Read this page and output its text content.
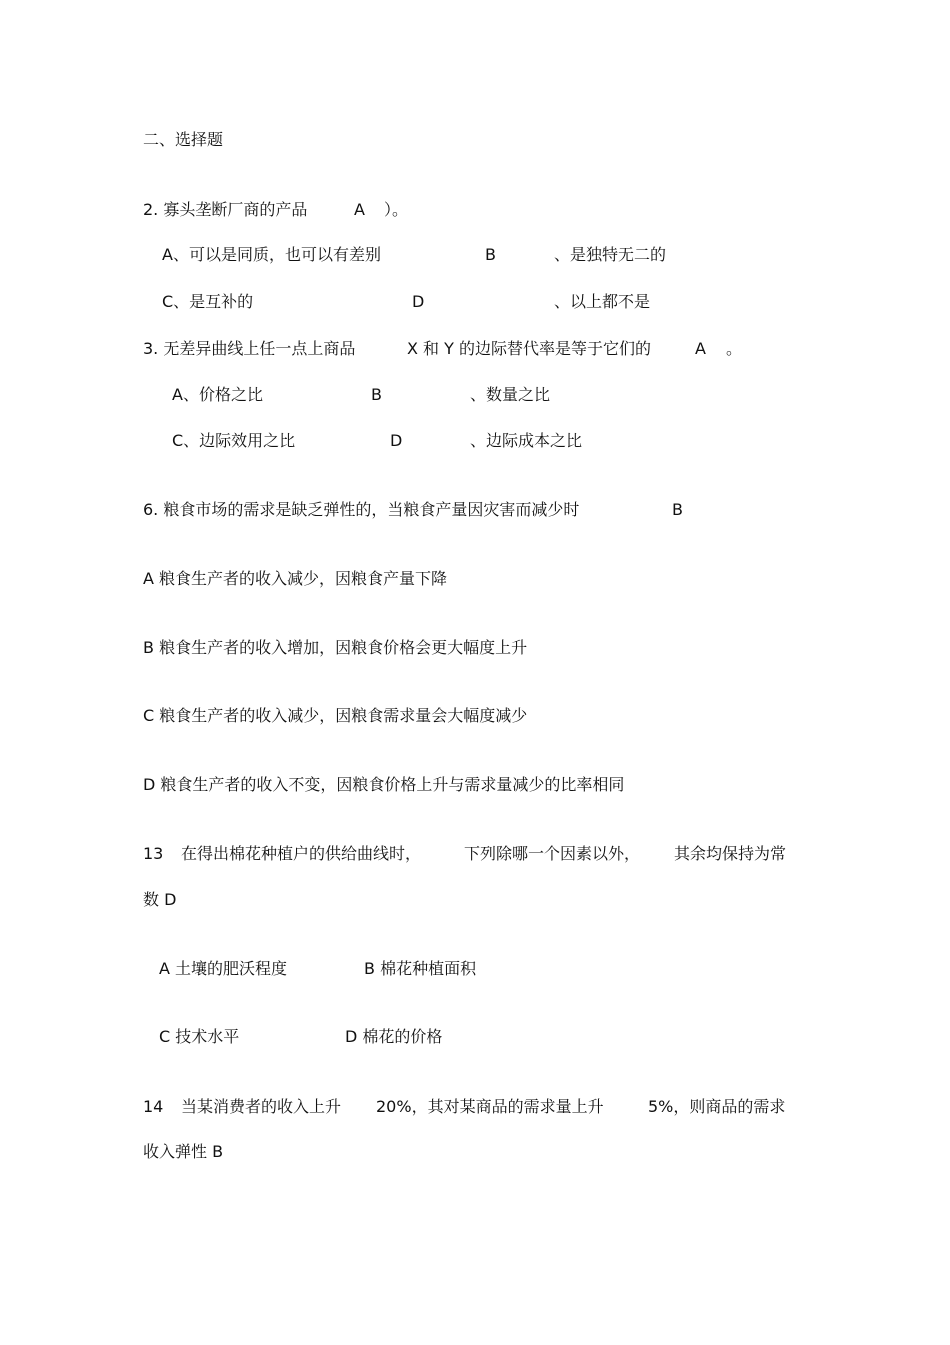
二、选择题
2. 寡头垄断厂商的产品	A ）。
A、可以是同质，也可以有差别	B	、是独特无二的
C、是互补的	D	、以上都不是
3. 无差异曲线上任一点上商品	X 和 Y 的边际替代率是等于它们的	A 。
A、价格之比	B	、数量之比
C、边际效用之比	D	、边际成本之比
6. 粮食市场的需求是缺乏弹性的，当粮食产量因灾害而减少时	B
A 粮食生产者的收入减少，因粮食产量下降
B 粮食生产者的收入增加，因粮食价格会更大幅度上升
C 粮食生产者的收入减少，因粮食需求量会大幅度减少
D 粮食生产者的收入不变，因粮食价格上升与需求量减少的比率相同
13 在得出棉花种植户的供给曲线时，	下列除哪一个因素以外， 其余均保持为常
数 D
A 土壤的肥沃程度	B 棉花种植面积
C 技术水平	D 棉花的价格
14 当某消费者的收入上升 20%，其对某商品的需求量上升	5%，则商品的需求
收入弹性 B
